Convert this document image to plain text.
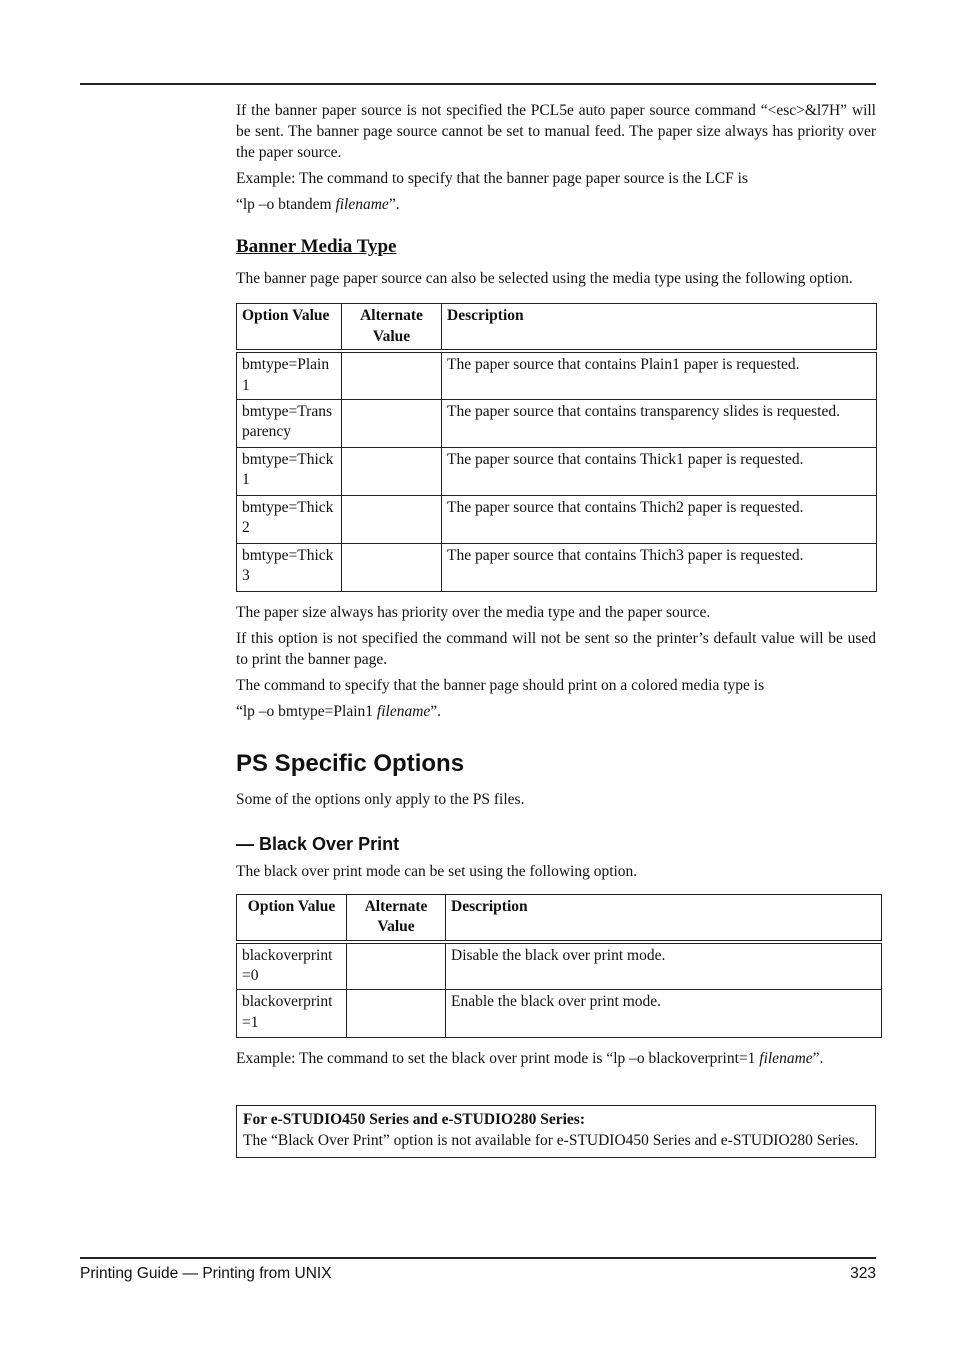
If the banner paper source is not specified the PCL5e auto paper source command “<esc>&l7H” will be sent. The banner page source cannot be set to manual feed. The paper size always has priority over the paper source.

Example: The command to specify that the banner page paper source is the LCF is

“lp –o btandem filename”.

Banner Media Type

The banner page paper source can also be selected using the media type using the following option.

Option Value	Alternate Value	Description
bmtype=Plain1		The paper source that contains Plain1 paper is requested.
bmtype=Transparency		The paper source that contains transparency slides is requested.
bmtype=Thick1		The paper source that contains Thick1 paper is requested.
bmtype=Thick2		The paper source that contains Thich2 paper is requested.
bmtype=Thick3		The paper source that contains Thich3 paper is requested.

The paper size always has priority over the media type and the paper source.

If this option is not specified the command will not be sent so the printer’s default value will be used to print the banner page.

The command to specify that the banner page should print on a colored media type is

“lp –o bmtype=Plain1 filename”.

PS Specific Options

Some of the options only apply to the PS files.

— Black Over Print

The black over print mode can be set using the following option.

Option Value	Alternate Value	Description
blackoverprint=0		Disable the black over print mode.
blackoverprint=1		Enable the black over print mode.

Example: The command to set the black over print mode is “lp –o blackoverprint=1 filename”.

For e-STUDIO450 Series and e-STUDIO280 Series:
The “Black Over Print” option is not available for e-STUDIO450 Series and e-STUDIO280 Series.
Printing Guide — Printing from UNIX	323
